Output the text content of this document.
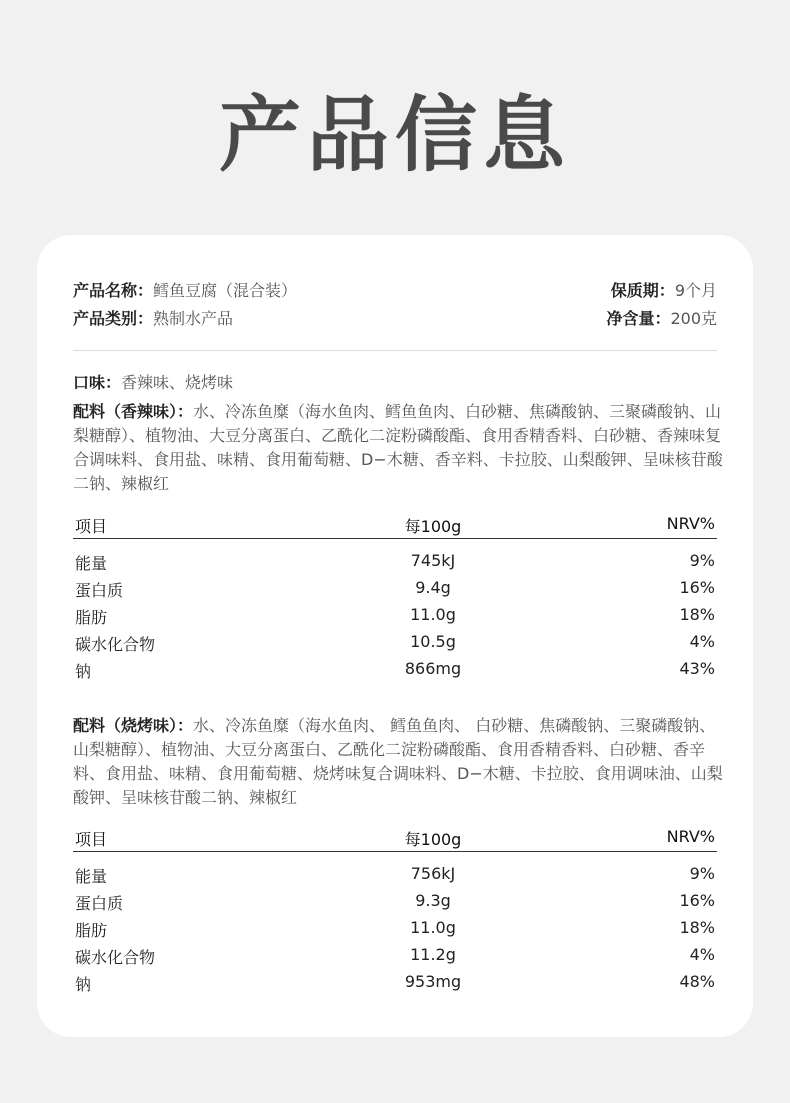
产品信息
产品名称：鳕鱼豆腐（混合装）	保质期：9个月
产品类别：熟制水产品	净含量：200克
口味：香辣味、烧烤味
配料（香辣味）：水、冷冻鱼糜（海水鱼肉、鳕鱼鱼肉、白砂糖、焦磷酸钠、三聚磷酸钠、山梨糖醇）、植物油、大豆分离蛋白、乙酰化二淀粉磷酸酯、食用香精香料、白砂糖、香辣味复合调味料、食用盐、味精、食用葡萄糖、D−木糖、香辛料、卡拉胶、山梨酸钾、呈味核苷酸二钠、辣椒红
项目	每100g	NRV%
能量	745kJ	9%
蛋白质	9.4g	16%
脂肪	11.0g	18%
碳水化合物	10.5g	4%
钠	866mg	43%
配料（烧烤味）：水、冷冻鱼糜（海水鱼肉、 鳕鱼鱼肉、 白砂糖、焦磷酸钠、三聚磷酸钠、山梨糖醇）、植物油、大豆分离蛋白、乙酰化二淀粉磷酸酯、食用香精香料、白砂糖、香辛料、食用盐、味精、食用葡萄糖、烧烤味复合调味料、D−木糖、卡拉胶、食用调味油、山梨酸钾、呈味核苷酸二钠、辣椒红
项目	每100g	NRV%
能量	756kJ	9%
蛋白质	9.3g	16%
脂肪	11.0g	18%
碳水化合物	11.2g	4%
钠	953mg	48%
